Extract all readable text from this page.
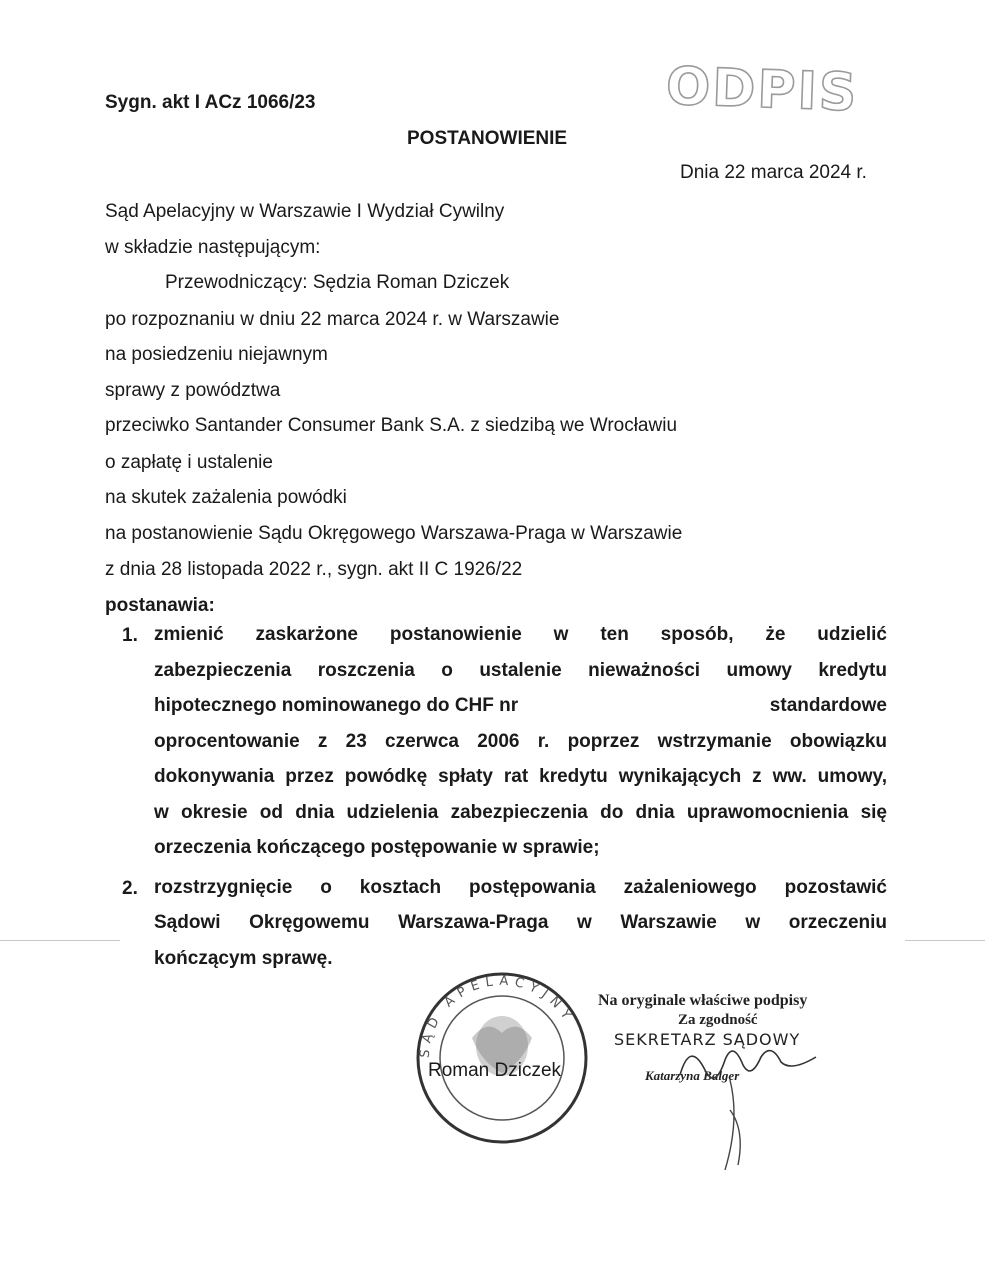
ODPIS
Sygn. akt I ACz 1066/23
POSTANOWIENIE
Dnia 22 marca 2024 r.
Sąd Apelacyjny w Warszawie I Wydział Cywilny
w składzie następującym:
Przewodniczący: Sędzia Roman Dziczek
po rozpoznaniu w dniu 22 marca 2024 r. w Warszawie
na posiedzeniu niejawnym
sprawy z powództwa
przeciwko Santander Consumer Bank S.A. z siedzibą we Wrocławiu
o zapłatę i ustalenie
na skutek zażalenia powódki
na postanowienie Sądu Okręgowego Warszawa-Praga w Warszawie
z dnia 28 listopada 2022 r., sygn. akt II C 1926/22
postanawia:
1. zmienić zaskarżone postanowienie w ten sposób, że udzielić
zabezpieczenia roszczenia o ustalenie nieważności umowy kredytu
hipotecznego nominowanego do CHF nr	standardowe
oprocentowanie z 23 czerwca 2006 r. poprzez wstrzymanie obowiązku
dokonywania przez powódkę spłaty rat kredytu wynikających z ww. umowy,
w okresie od dnia udzielenia zabezpieczenia do dnia uprawomocnienia się
orzeczenia kończącego postępowanie w sprawie;
2. rozstrzygnięcie o kosztach postępowania zażaleniowego pozostawić
Sądowi Okręgowemu Warszawa-Praga w Warszawie w orzeczeniu
kończącym sprawę.
SĄD APELACYJNY
Roman Dziczek
Na oryginale właściwe podpisy
Za zgodność
SEKRETARZ SĄDOWY
Katarzyna Balger
